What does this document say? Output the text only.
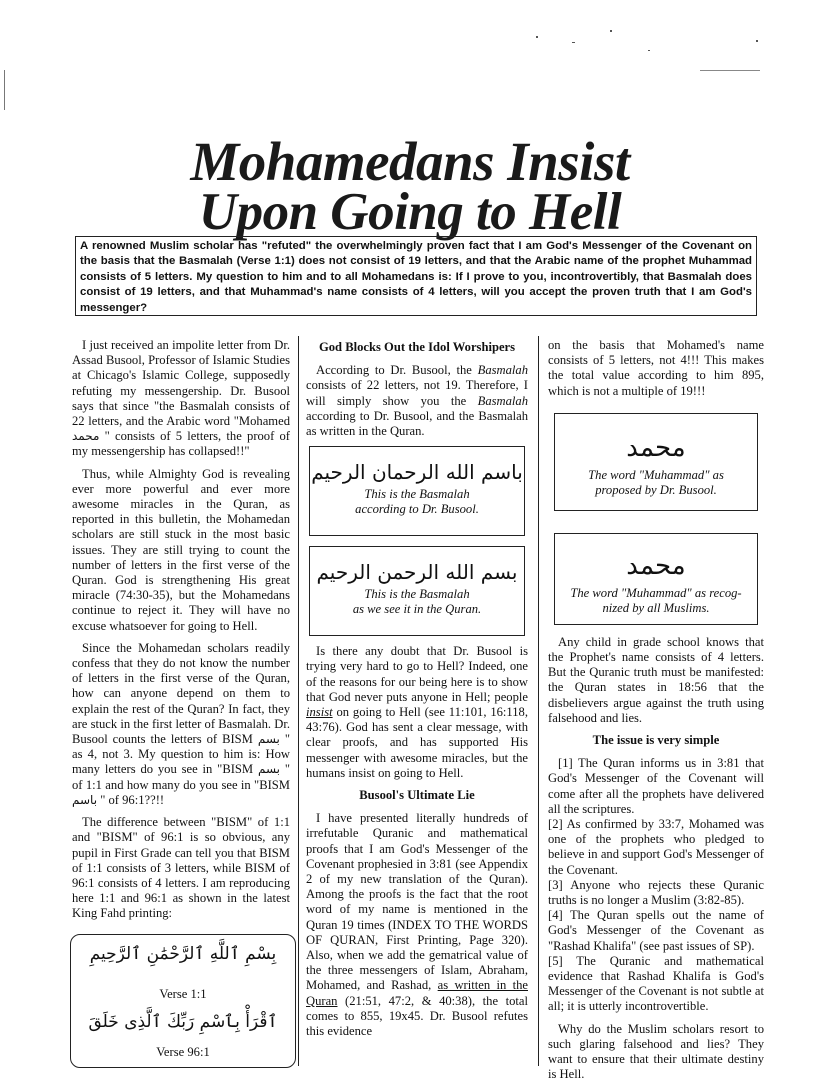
Mohamedans Insist
Upon Going to Hell
A renowned Muslim scholar has "refuted" the overwhelmingly proven fact that I am God's Messenger of the Covenant on the basis that the Basmalah (Verse 1:1) does not consist of 19 letters, and that the Arabic name of the prophet Muhammad consists of 5 letters. My question to him and to all Mohamedans is: If I prove to you, incontrovertibly, that Basmalah does consist of 19 letters, and that Muhammad's name consists of 4 letters, will you accept the proven truth that I am God's messenger?

I just received an impolite letter from Dr. Assad Busool, Professor of Islamic Studies at Chicago's Islamic College, supposedly refuting my messengership. Dr. Busool says that since "the Basmalah consists of 22 letters, and the Arabic word "Mohamed محمد " consists of 5 letters, the proof of my messengership has collapsed!!"

Thus, while Almighty God is revealing ever more powerful and ever more awesome miracles in the Quran, as reported in this bulletin, the Mohamedan scholars are still stuck in the most basic issues. They are still trying to count the number of letters in the first verse of the Quran. God is strengthening His great miracle (74:30-35), but the Mohamedans continue to reject it. They will have no excuse whatsoever for going to Hell.

Since the Mohamedan scholars readily confess that they do not know the number of letters in the first verse of the Quran, how can anyone depend on them to explain the rest of the Quran? In fact, they are stuck in the first letter of Basmalah. Dr. Busool counts the letters of BISM بسم " as 4, not 3. My question to him is: How many letters do you see in "BISM بسم " of 1:1 and how many do you see in "BISM باسم " of 96:1??!!

The difference between "BISM" of 1:1 and "BISM" of 96:1 is so obvious, any pupil in First Grade can tell you that BISM of 1:1 consists of 3 letters, while BISM of 96:1 consists of 4 letters. I am reproducing here 1:1 and 96:1 as shown in the latest King Fahd printing:

بِسْمِ ٱللَّهِ ٱلرَّحْمَٰنِ ٱلرَّحِيمِ
Verse 1:1
ٱقْرَأْ بِٱسْمِ رَبِّكَ ٱلَّذِى خَلَقَ
Verse 96:1
God Blocks Out the Idol Worshipers

According to Dr. Busool, the Basmalah consists of 22 letters, not 19. Therefore, I will simply show you the Basmalah according to Dr. Busool, and the Basmalah as written in the Quran.

باسم الله الرحمان الرحيم
This is the Basmalah
according to Dr. Busool.
بسم الله الرحمن الرحيم
This is the Basmalah
as we see it in the Quran.

Is there any doubt that Dr. Busool is trying very hard to go to Hell? Indeed, one of the reasons for our being here is to show that God never puts anyone in Hell; people insist on going to Hell (see 11:101, 16:118, 43:76). God has sent a clear message, with clear proofs, and has supported His messenger with awesome miracles, but the humans insist on going to Hell.

Busool's Ultimate Lie

I have presented literally hundreds of irrefutable Quranic and mathematical proofs that I am God's Messenger of the Covenant prophesied in 3:81 (see Appendix 2 of my new translation of the Quran). Among the proofs is the fact that the root word of my name is mentioned in the Quran 19 times (INDEX TO THE WORDS OF QURAN, First Printing, Page 320). Also, when we add the gematrical value of the three messengers of Islam, Abraham, Mohamed, and Rashad, as written in the Quran (21:51, 47:2, & 40:38), the total comes to 855, 19x45. Dr. Busool refutes this evidence

on the basis that Mohamed's name consists of 5 letters, not 4!!! This makes the total value according to him 895, which is not a multiple of 19!!!

محمد
The word "Muhammad" as
proposed by Dr. Busool.
محمد
The word "Muhammad" as recog-
nized by all Muslims.

Any child in grade school knows that the Prophet's name consists of 4 letters. But the Quranic truth must be manifested: the Quran states in 18:56 that the disbelievers argue against the truth using falsehood and lies.

The issue is very simple

[1] The Quran informs us in 3:81 that God's Messenger of the Covenant will come after all the prophets have delivered all the scriptures.

[2] As confirmed by 33:7, Mohamed was one of the prophets who pledged to believe in and support God's Messenger of the Covenant.

[3] Anyone who rejects these Quranic truths is no longer a Muslim (3:82-85).

[4] The Quran spells out the name of God's Messenger of the Covenant as "Rashad Khalifa" (see past issues of SP).

[5] The Quranic and mathematical evidence that Rashad Khalifa is God's Messenger of the Covenant is not subtle at all; it is utterly incontrovertible.

Why do the Muslim scholars resort to such glaring falsehood and lies? They want to ensure that their ultimate destiny is Hell.
